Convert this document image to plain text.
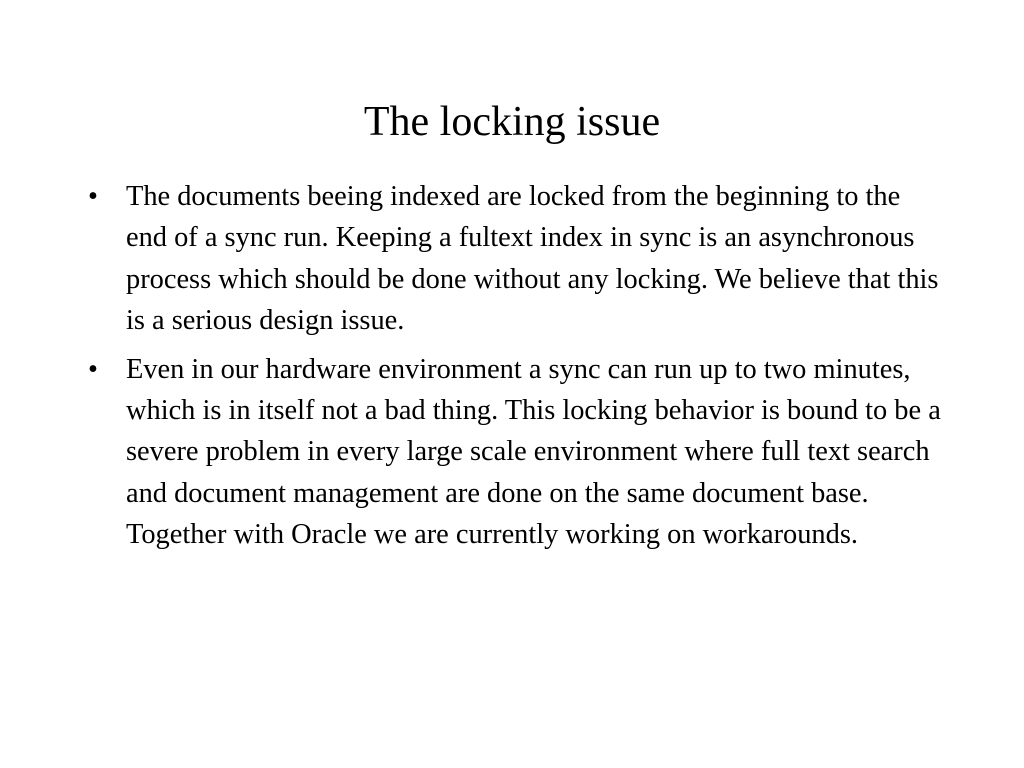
The locking issue
• The documents beeing indexed are locked from the beginning to the end of a sync run. Keeping a fultext index in sync is an asynchronous process which should be done without any locking. We believe that this is a serious design issue.
• Even in our hardware environment a sync can run up to two minutes, which is in itself not a bad thing. This locking behavior is bound to be a severe problem in every large scale environment where full text search and document management are done on the same document base. Together with Oracle we are currently working on workarounds.
